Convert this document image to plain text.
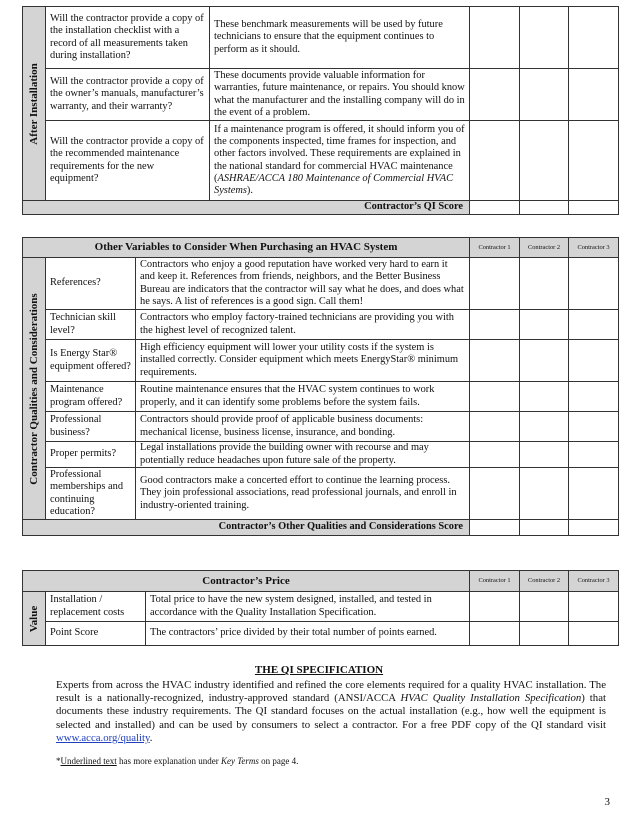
After Installation	Will the contractor provide a copy of the installation checklist with a record of all measurements taken during installation?	These benchmark measurements will be used by future technicians to ensure that the equipment continues to perform as it should.			
	Will the contractor provide a copy of the owner’s manuals, manufacturer’s warranty, and their warranty?	These documents provide valuable information for warranties, future maintenance, or repairs. You should know what the manufacturer and the installing company will do in the event of a problem.			
	Will the contractor provide a copy of the recommended maintenance requirements for the new equipment?	If a maintenance program is offered, it should inform you of the components inspected, time frames for inspection, and other factors involved. These requirements are explained in the national standard for commercial HVAC maintenance (ASHRAE/ACCA 180 Maintenance of Commercial HVAC Systems).			
Contractor’s QI Score					
Other Variables to Consider When Purchasing an HVAC System			Contractor 1	Contractor 2	Contractor 3

Contractor Qualities and Considerations	References?	Contractors who enjoy a good reputation have worked very hard to earn it and keep it. References from friends, neighbors, and the Better Business Bureau are indicators that the contractor will say what he does, and does what he says. A list of references is a good sign. Call them!			
	Technician skill level?	Contractors who employ factory-trained technicians are providing you with the highest level of recognized talent.			
	Is Energy Star® equipment offered?	High efficiency equipment will lower your utility costs if the system is installed correctly. Consider equipment which meets EnergyStar® minimum requirements.			
	Maintenance program offered?	Routine maintenance ensures that the HVAC system continues to work properly, and it can identify some problems before the system fails.			
	Professional business?	Contractors should provide proof of applicable business documents: mechanical license, business license, insurance, and bonding.			
	Proper permits?	Legal installations provide the building owner with recourse and may potentially reduce headaches upon future sale of the property.			
	Professional memberships and continuing education?	Good contractors make a concerted effort to continue the learning process. They join professional associations, read professional journals, and enroll in industry-oriented training.			
Contractor’s Other Qualities and Considerations Score					
Contractor’s Price			Contractor 1	Contractor 2	Contractor 3

Value	Installation / replacement costs	Total price to have the new system designed, installed, and tested in accordance with the Quality Installation Specification.			
	Point Score	The contractors’ price divided by their total number of points earned.			
THE QI SPECIFICATION
Experts from across the HVAC industry identified and refined the core elements required for a quality HVAC installation. The result is a nationally-recognized, industry-approved standard (ANSI/ACCA HVAC Quality Installation Specification) that documents these industry requirements. The QI standard focuses on the actual installation (e.g., how well the equipment is selected and installed) and can be used by consumers to select a contractor. For a free PDF copy of the QI standard visit www.acca.org/quality.
*Underlined text has more explanation under Key Terms on page 4.
3
